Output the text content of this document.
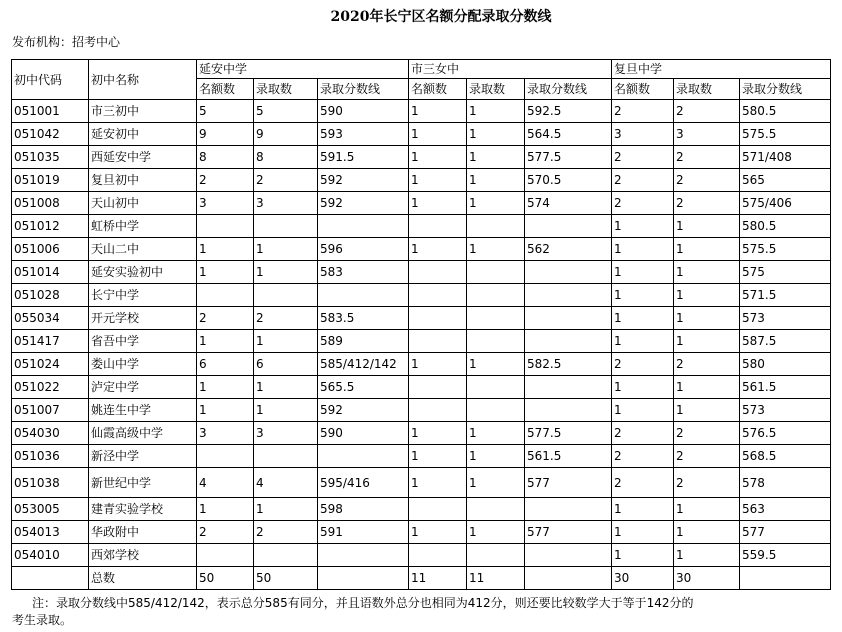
2020年长宁区名额分配录取分数线
发布机构：招考中心
初中代码	初中名称	延安中学			市三女中			复旦中学		
		名额数	录取数	录取分数线	名额数	录取数	录取分数线	名额数	录取数	录取分数线
051001	市三初中	5	5	590	1	1	592.5	2	2	580.5
051042	延安初中	9	9	593	1	1	564.5	3	3	575.5
051035	西延安中学	8	8	591.5	1	1	577.5	2	2	571/408
051019	复旦初中	2	2	592	1	1	570.5	2	2	565
051008	天山初中	3	3	592	1	1	574	2	2	575/406
051012	虹桥中学							1	1	580.5
051006	天山二中	1	1	596	1	1	562	1	1	575.5
051014	延安实验初中	1	1	583				1	1	575
051028	长宁中学							1	1	571.5
055034	开元学校	2	2	583.5				1	1	573
051417	省吾中学	1	1	589				1	1	587.5
051024	娄山中学	6	6	585/412/142	1	1	582.5	2	2	580
051022	泸定中学	1	1	565.5				1	1	561.5
051007	姚连生中学	1	1	592				1	1	573
054030	仙霞高级中学	3	3	590	1	1	577.5	2	2	576.5
051036	新泾中学				1	1	561.5	2	2	568.5
051038	新世纪中学	4	4	595/416	1	1	577	2	2	578
053005	建青实验学校	1	1	598				1	1	563
054013	华政附中	2	2	591	1	1	577	1	1	577
054010	西郊学校							1	1	559.5
	总数	50	50		11	11		30	30	
注：录取分数线中585/412/142，表示总分585有同分，并且语数外总分也相同为412分，则还要比较数学大于等于142分的
考生录取。
